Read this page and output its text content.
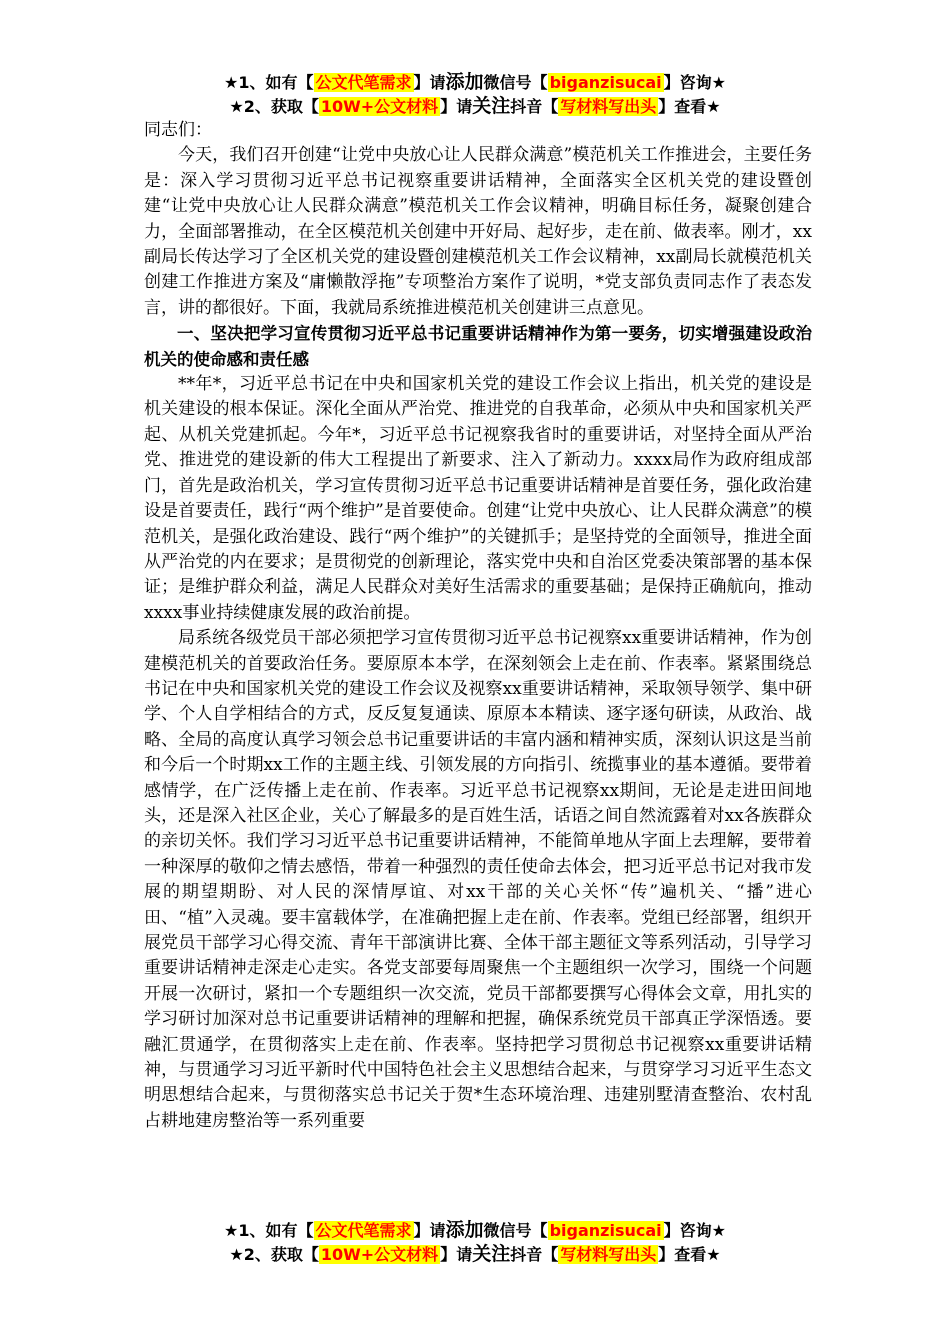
★1、如有【 公文代笔需求 】请添加微信号【 biganzisucai 】咨询★
★2、获取【 10W+公文材料 】请关注抖音【 写材料写出头 】查看★

同志们：

今天，我们召开创建“让党中央放心让人民群众满意”模范机关工作推进会，主要任务是：深入学习贯彻习近平总书记视察重要讲话精神，全面落实全区机关党的建设暨创建“让党中央放心让人民群众满意”模范机关工作会议精神，明确目标任务，凝聚创建合力，全面部署推动，在全区模范机关创建中开好局、起好步，走在前、做表率。刚才，xx副局长传达学习了全区机关党的建设暨创建模范机关工作会议精神，xx副局长就模范机关创建工作推进方案及“庸懒散浮拖”专项整治方案作了说明，*党支部负责同志作了表态发言，讲的都很好。下面，我就局系统推进模范机关创建讲三点意见。

一、坚决把学习宣传贯彻习近平总书记重要讲话精神作为第一要务，切实增强建设政治机关的使命感和责任感

**年*，习近平总书记在中央和国家机关党的建设工作会议上指出，机关党的建设是机关建设的根本保证。深化全面从严治党、推进党的自我革命，必须从中央和国家机关严起、从机关党建抓起。今年*，习近平总书记视察我省时的重要讲话，对坚持全面从严治党、推进党的建设新的伟大工程提出了新要求、注入了新动力。xxxx局作为政府组成部门，首先是政治机关，学习宣传贯彻习近平总书记重要讲话精神是首要任务，强化政治建设是首要责任，践行“两个维护”是首要使命。创建“让党中央放心、让人民群众满意”的模范机关，是强化政治建设、践行“两个维护”的关键抓手；是坚持党的全面领导，推进全面从严治党的内在要求；是贯彻党的创新理论，落实党中央和自治区党委决策部署的基本保证；是维护群众利益，满足人民群众对美好生活需求的重要基础；是保持正确航向，推动xxxx事业持续健康发展的政治前提。

局系统各级党员干部必须把学习宣传贯彻习近平总书记视察xx重要讲话精神，作为创建模范机关的首要政治任务。要原原本本学，在深刻领会上走在前、作表率。紧紧围绕总书记在中央和国家机关党的建设工作会议及视察xx重要讲话精神，采取领导领学、集中研学、个人自学相结合的方式，反反复复通读、原原本本精读、逐字逐句研读，从政治、战略、全局的高度认真学习领会总书记重要讲话的丰富内涵和精神实质，深刻认识这是当前和今后一个时期xx工作的主题主线、引领发展的方向指引、统揽事业的基本遵循。要带着感情学，在广泛传播上走在前、作表率。习近平总书记视察xx期间，无论是走进田间地头，还是深入社区企业，关心了解最多的是百姓生活，话语之间自然流露着对xx各族群众的亲切关怀。我们学习习近平总书记重要讲话精神，不能简单地从字面上去理解，要带着一种深厚的敬仰之情去感悟，带着一种强烈的责任使命去体会，把习近平总书记对我市发展的期望期盼、对人民的深情厚谊、对xx干部的关心关怀“传”遍机关、“播”进心田、“植”入灵魂。要丰富载体学，在准确把握上走在前、作表率。党组已经部署，组织开展党员干部学习心得交流、青年干部演讲比赛、全体干部主题征文等系列活动，引导学习重要讲话精神走深走心走实。各党支部要每周聚焦一个主题组织一次学习，围绕一个问题开展一次研讨，紧扣一个专题组织一次交流，党员干部都要撰写心得体会文章，用扎实的学习研讨加深对总书记重要讲话精神的理解和把握，确保系统党员干部真正学深悟透。要融汇贯通学，在贯彻落实上走在前、作表率。坚持把学习贯彻总书记视察xx重要讲话精神，与贯通学习习近平新时代中国特色社会主义思想结合起来，与贯穿学习习近平生态文明思想结合起来，与贯彻落实总书记关于贺*生态环境治理、违建别墅清查整治、农村乱占耕地建房整治等一系列重要

★1、如有【 公文代笔需求 】请添加微信号【 biganzisucai 】咨询★
★2、获取【 10W+公文材料 】请关注抖音【 写材料写出头 】查看★
